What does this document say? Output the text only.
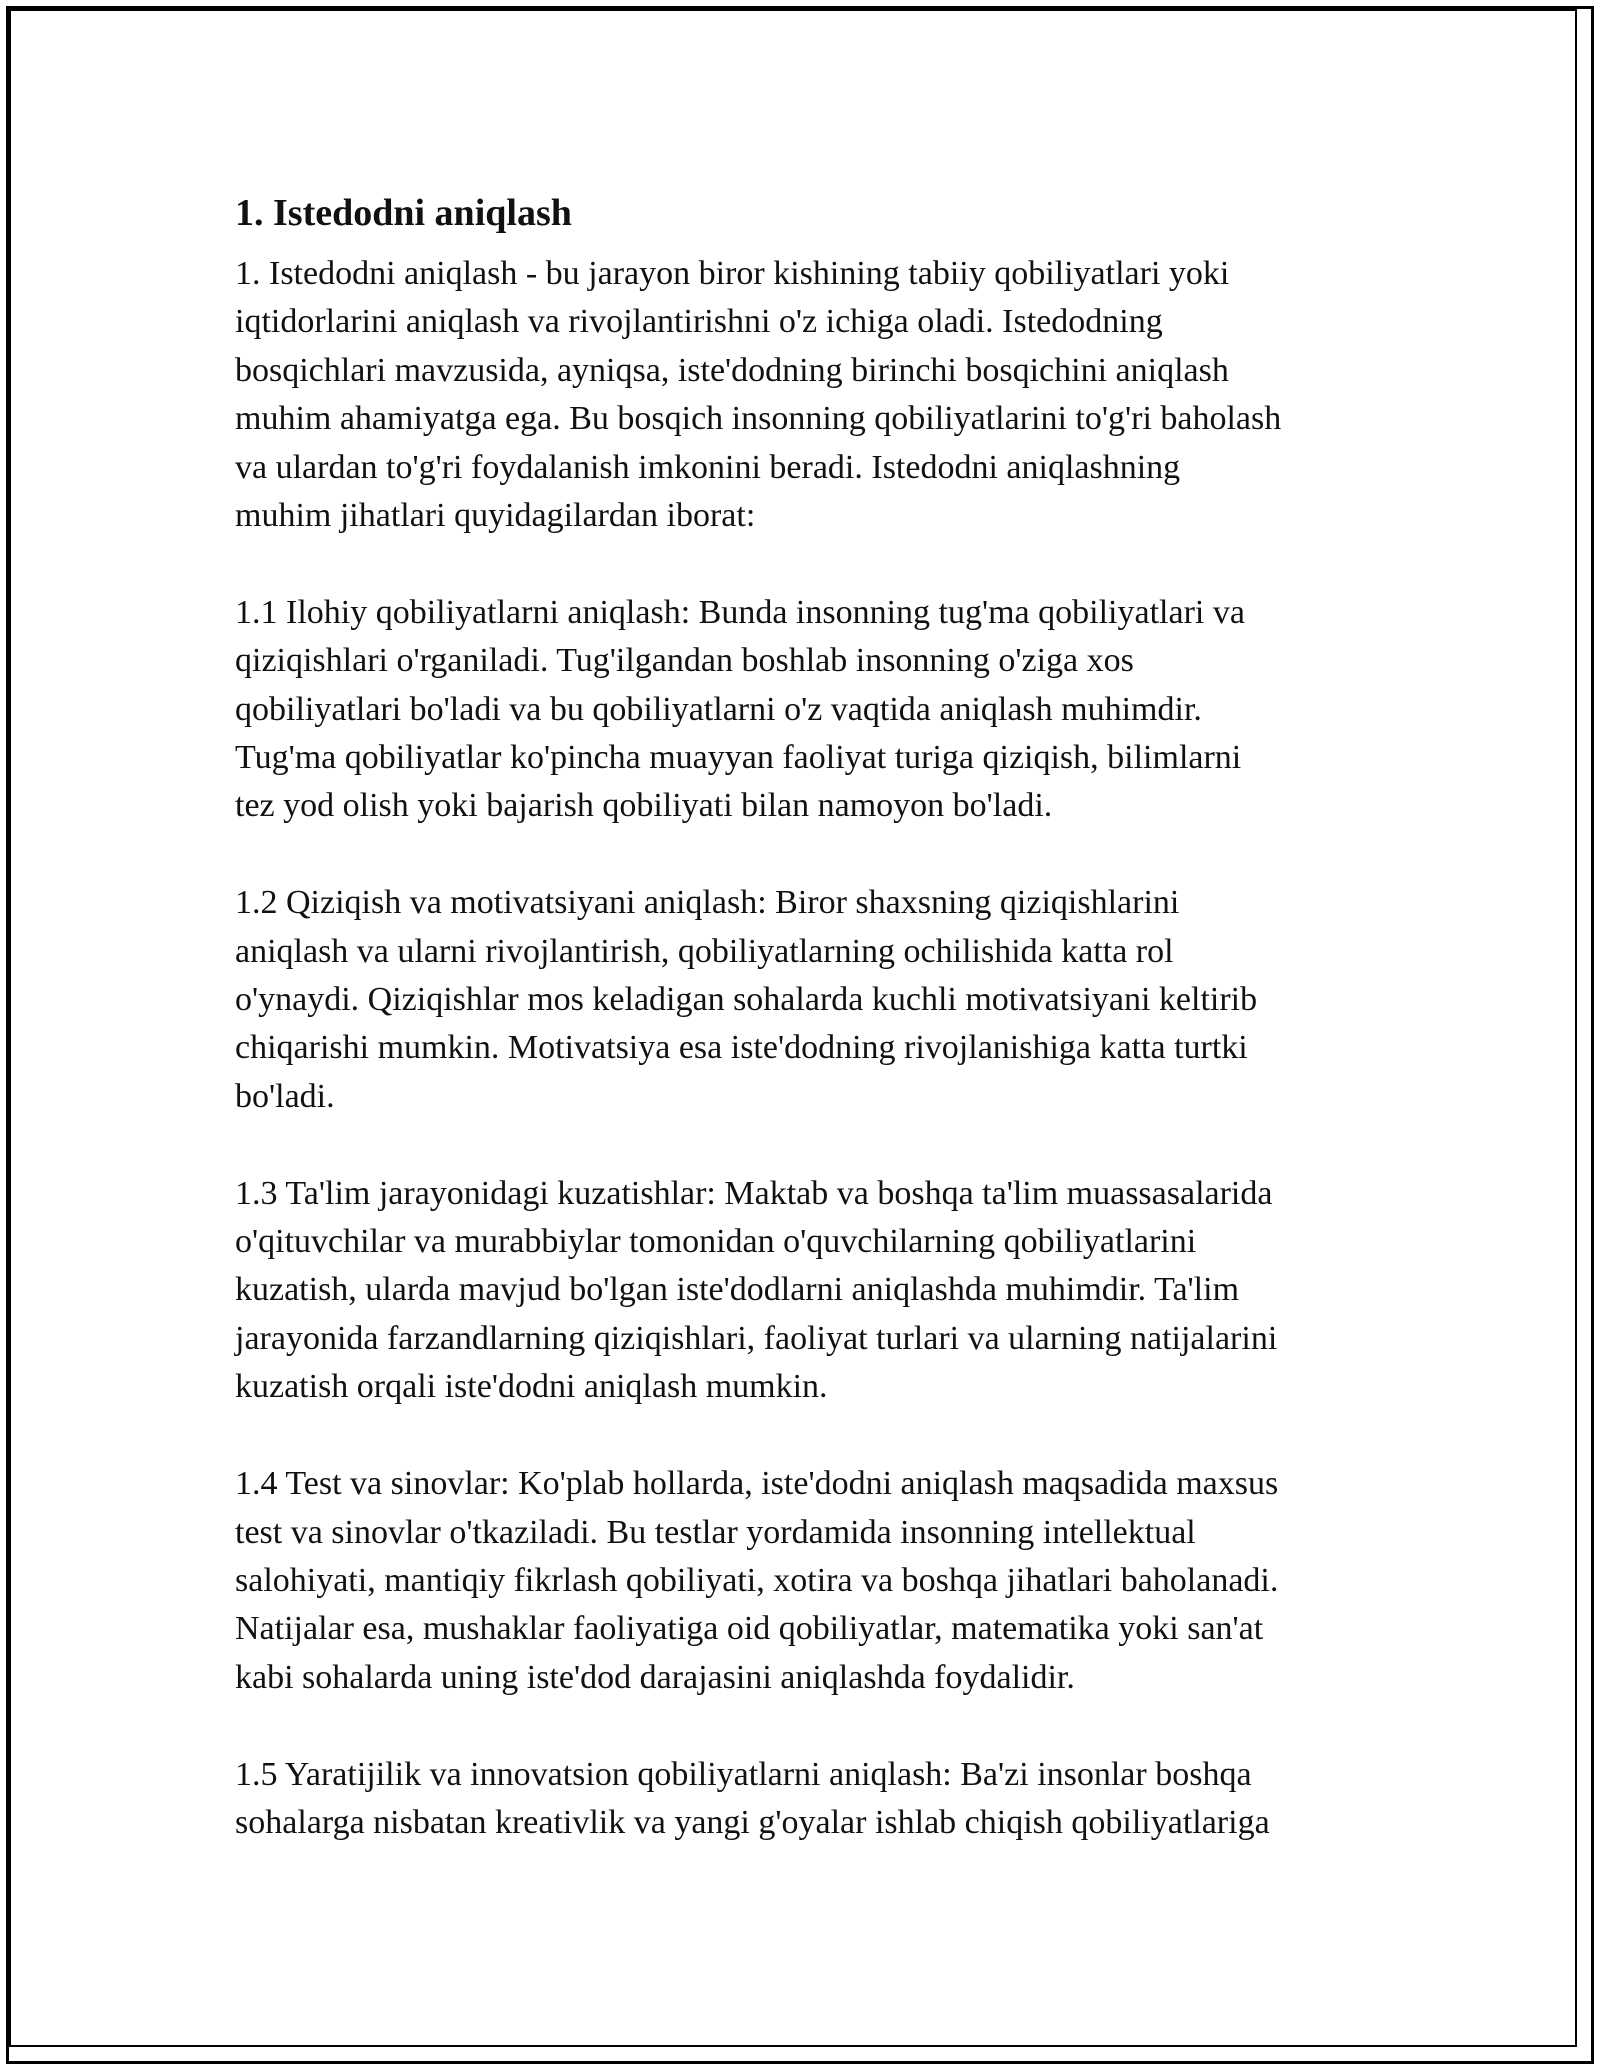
1. Istedodni aniqlash

1. Istedodni aniqlash - bu jarayon biror kishining tabiiy qobiliyatlari yoki
iqtidorlarini aniqlash va rivojlantirishni o'z ichiga oladi. Istedodning
bosqichlari mavzusida, ayniqsa, iste'dodning birinchi bosqichini aniqlash
muhim ahamiyatga ega. Bu bosqich insonning qobiliyatlarini to'g'ri baholash
va ulardan to'g'ri foydalanish imkonini beradi. Istedodni aniqlashning
muhim jihatlari quyidagilardan iborat:

1.1 Ilohiy qobiliyatlarni aniqlash: Bunda insonning tug'ma qobiliyatlari va
qiziqishlari o'rganiladi. Tug'ilgandan boshlab insonning o'ziga xos
qobiliyatlari bo'ladi va bu qobiliyatlarni o'z vaqtida aniqlash muhimdir.
Tug'ma qobiliyatlar ko'pincha muayyan faoliyat turiga qiziqish, bilimlarni
tez yod olish yoki bajarish qobiliyati bilan namoyon bo'ladi.

1.2 Qiziqish va motivatsiyani aniqlash: Biror shaxsning qiziqishlarini
aniqlash va ularni rivojlantirish, qobiliyatlarning ochilishida katta rol
o'ynaydi. Qiziqishlar mos keladigan sohalarda kuchli motivatsiyani keltirib
chiqarishi mumkin. Motivatsiya esa iste'dodning rivojlanishiga katta turtki
bo'ladi.

1.3 Ta'lim jarayonidagi kuzatishlar: Maktab va boshqa ta'lim muassasalarida
o'qituvchilar va murabbiylar tomonidan o'quvchilarning qobiliyatlarini
kuzatish, ularda mavjud bo'lgan iste'dodlarni aniqlashda muhimdir. Ta'lim
jarayonida farzandlarning qiziqishlari, faoliyat turlari va ularning natijalarini
kuzatish orqali iste'dodni aniqlash mumkin.

1.4 Test va sinovlar: Ko'plab hollarda, iste'dodni aniqlash maqsadida maxsus
test va sinovlar o'tkaziladi. Bu testlar yordamida insonning intellektual
salohiyati, mantiqiy fikrlash qobiliyati, xotira va boshqa jihatlari baholanadi.
Natijalar esa, mushaklar faoliyatiga oid qobiliyatlar, matematika yoki san'at
kabi sohalarda uning iste'dod darajasini aniqlashda foydalidir.

1.5 Yaratijilik va innovatsion qobiliyatlarni aniqlash: Ba'zi insonlar boshqa
sohalarga nisbatan kreativlik va yangi g'oyalar ishlab chiqish qobiliyatlariga
